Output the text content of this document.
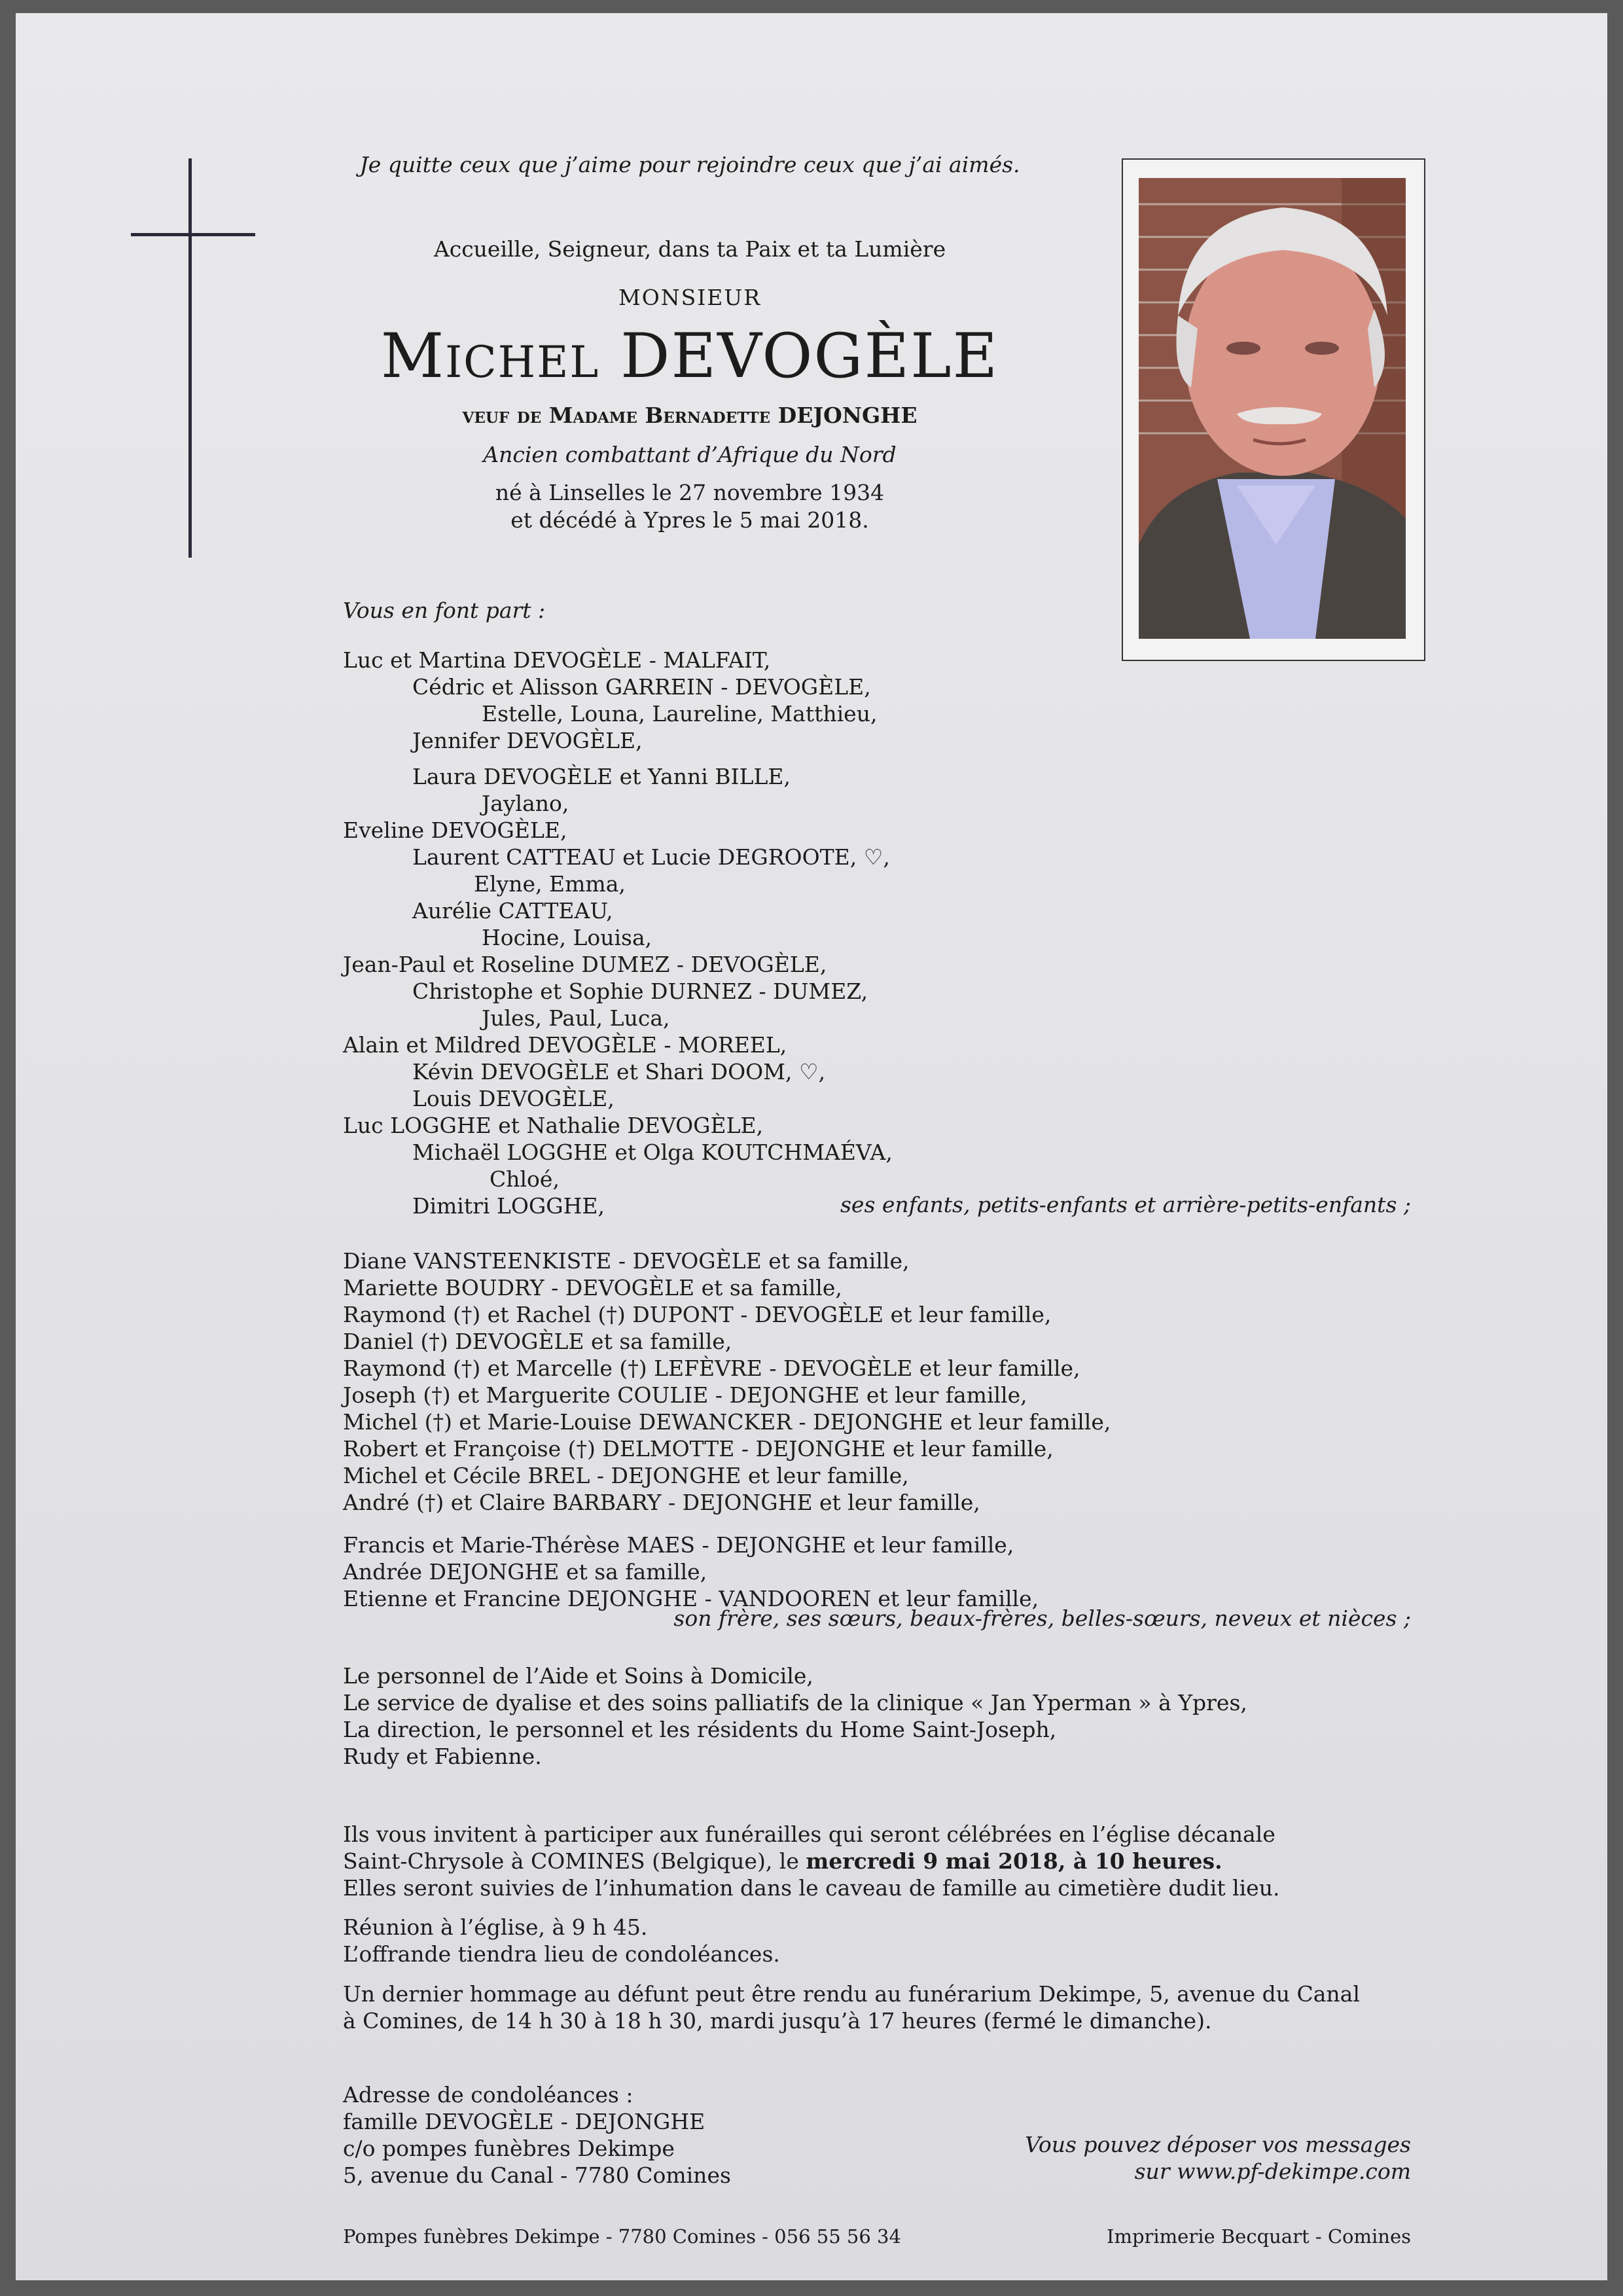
Je quitte ceux que j’aime pour rejoindre ceux que j’ai aimés.
Accueille, Seigneur, dans ta Paix et ta Lumière
MONSIEUR
Michel DEVOGÈLE
veuf de Madame Bernadette DEJONGHE
Ancien combattant d’Afrique du Nord
né à Linselles le 27 novembre 1934
et décédé à Ypres le 5 mai 2018.
Vous en font part :
Luc et Martina DEVOGÈLE - MALFAIT,
Cédric et Alisson GARREIN - DEVOGÈLE,
Estelle, Louna, Laureline, Matthieu,
Jennifer DEVOGÈLE,
Laura DEVOGÈLE et Yanni BILLE,
Jaylano,
Eveline DEVOGÈLE,
Laurent CATTEAU et Lucie DEGROOTE, ♡,
Elyne, Emma,
Aurélie CATTEAU,
Hocine, Louisa,
Jean-Paul et Roseline DUMEZ - DEVOGÈLE,
Christophe et Sophie DURNEZ - DUMEZ,
Jules, Paul, Luca,
Alain et Mildred DEVOGÈLE - MOREEL,
Kévin DEVOGÈLE et Shari DOOM, ♡,
Louis DEVOGÈLE,
Luc LOGGHE et Nathalie DEVOGÈLE,
Michaël LOGGHE et Olga KOUTCHMAÉVA,
Chloé,
Dimitri LOGGHE,	ses enfants, petits-enfants et arrière-petits-enfants ;
Diane VANSTEENKISTE - DEVOGÈLE et sa famille,
Mariette BOUDRY - DEVOGÈLE et sa famille,
Raymond (†) et Rachel (†) DUPONT - DEVOGÈLE et leur famille,
Daniel (†) DEVOGÈLE et sa famille,
Raymond (†) et Marcelle (†) LEFÈVRE - DEVOGÈLE et leur famille,
Joseph (†) et Marguerite COULIE - DEJONGHE et leur famille,
Michel (†) et Marie-Louise DEWANCKER - DEJONGHE et leur famille,
Robert et Françoise (†) DELMOTTE - DEJONGHE et leur famille,
Michel et Cécile BREL - DEJONGHE et leur famille,
André (†) et Claire BARBARY - DEJONGHE et leur famille,
Francis et Marie-Thérèse MAES - DEJONGHE et leur famille,
Andrée DEJONGHE et sa famille,
Etienne et Francine DEJONGHE - VANDOOREN et leur famille,
son frère, ses sœurs, beaux-frères, belles-sœurs, neveux et nièces ;
Le personnel de l’Aide et Soins à Domicile,
Le service de dyalise et des soins palliatifs de la clinique « Jan Yperman » à Ypres,
La direction, le personnel et les résidents du Home Saint-Joseph,
Rudy et Fabienne.
Ils vous invitent à participer aux funérailles qui seront célébrées en l’église décanale
Saint-Chrysole à COMINES (Belgique), le mercredi 9 mai 2018, à 10 heures.
Elles seront suivies de l’inhumation dans le caveau de famille au cimetière dudit lieu.
Réunion à l’église, à 9 h 45.
L’offrande tiendra lieu de condoléances.
Un dernier hommage au défunt peut être rendu au funérarium Dekimpe, 5, avenue du Canal
à Comines, de 14 h 30 à 18 h 30, mardi jusqu’à 17 heures (fermé le dimanche).
Adresse de condoléances :
famille DEVOGÈLE - DEJONGHE
c/o pompes funèbres Dekimpe
5, avenue du Canal - 7780 Comines
Vous pouvez déposer vos messages
sur www.pf-dekimpe.com
Pompes funèbres Dekimpe - 7780 Comines - 056 55 56 34	Imprimerie Becquart - Comines
